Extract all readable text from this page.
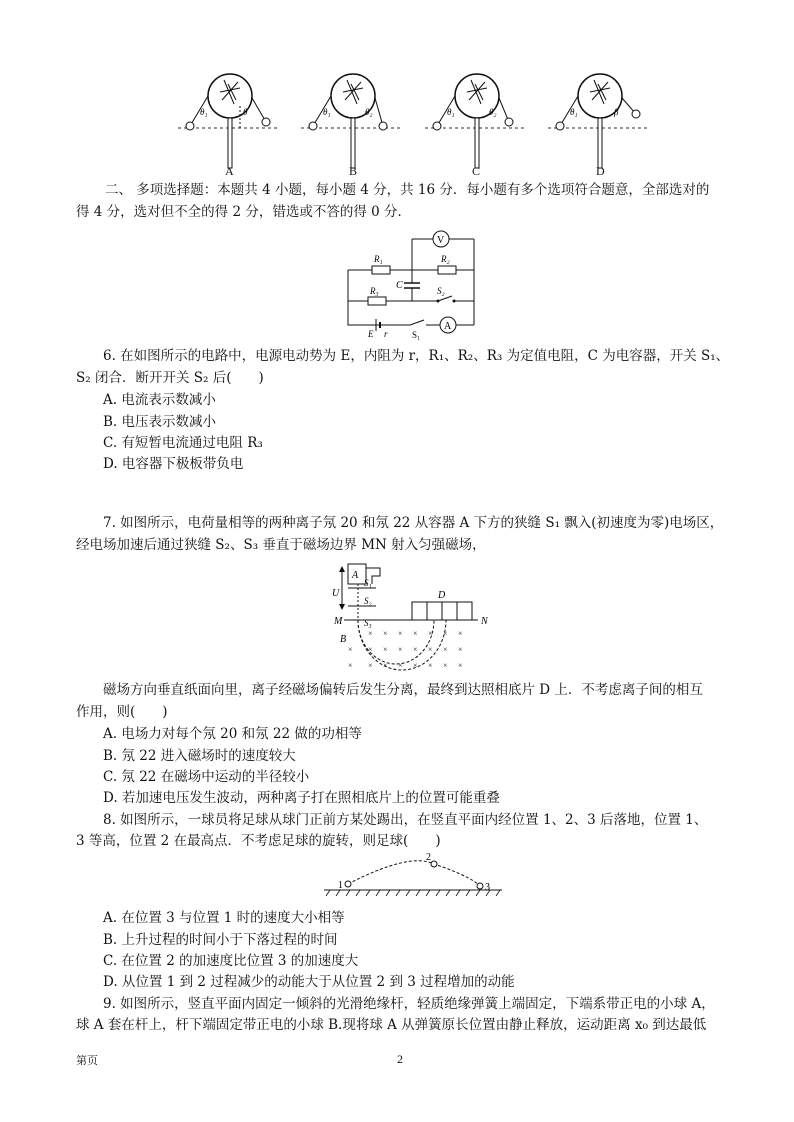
θ₁	θ	θ₁	θ₂	θ₁	θ₂	θ₁	β
A	B	C	D
二、 多项选择题：本题共 4 小题，每小题 4 分，共 16 分．每小题有多个选项符合题意，全部选对的
得 4 分，选对但不全的得 2 分，错选或不答的得 0 分．
V
C
A
R₁	R₂
R₃	S₂
E r	S₁
6. 在如图所示的电路中，电源电动势为 E，内阻为 r，R₁、R₂、R₃ 为定值电阻，C 为电容器，开关 S₁、
S₂ 闭合．断开开关 S₂ 后(　　)
A. 电流表示数减小
B. 电压表示数减小
C. 有短暂电流通过电阻 R₃
D. 电容器下极板带负电
7. 如图所示，电荷量相等的两种离子氖 20 和氖 22 从容器 A 下方的狭缝 S₁ 飘入(初速度为零)电场区，
经电场加速后通过狭缝 S₂、S₃ 垂直于磁场边界 MN 射入匀强磁场，
A
U
S₁
S₂
S₃
M	N
D
B
× × × × × × ×
× × × × × × × ×
× × × × × × × ×
磁场方向垂直纸面向里，离子经磁场偏转后发生分离，最终到达照相底片 D 上．不考虑离子间的相互
作用，则(　　)
A. 电场力对每个氖 20 和氖 22 做的功相等
B. 氖 22 进入磁场时的速度较大
C. 氖 22 在磁场中运动的半径较小
D. 若加速电压发生波动，两种离子打在照相底片上的位置可能重叠
8. 如图所示，一球员将足球从球门正前方某处踢出，在竖直平面内经位置 1、2、3 后落地，位置 1、
3 等高，位置 2 在最高点．不考虑足球的旋转，则足球(　　)
1
2
3
A. 在位置 3 与位置 1 时的速度大小相等
B. 上升过程的时间小于下落过程的时间
C. 在位置 2 的加速度比位置 3 的加速度大
D. 从位置 1 到 2 过程减少的动能大于从位置 2 到 3 过程增加的动能
9. 如图所示，竖直平面内固定一倾斜的光滑绝缘杆，轻质绝缘弹簧上端固定，下端系带正电的小球 A，
球 A 套在杆上，杆下端固定带正电的小球 B.现将球 A 从弹簧原长位置由静止释放，运动距离 x₀ 到达最低
第页	2
